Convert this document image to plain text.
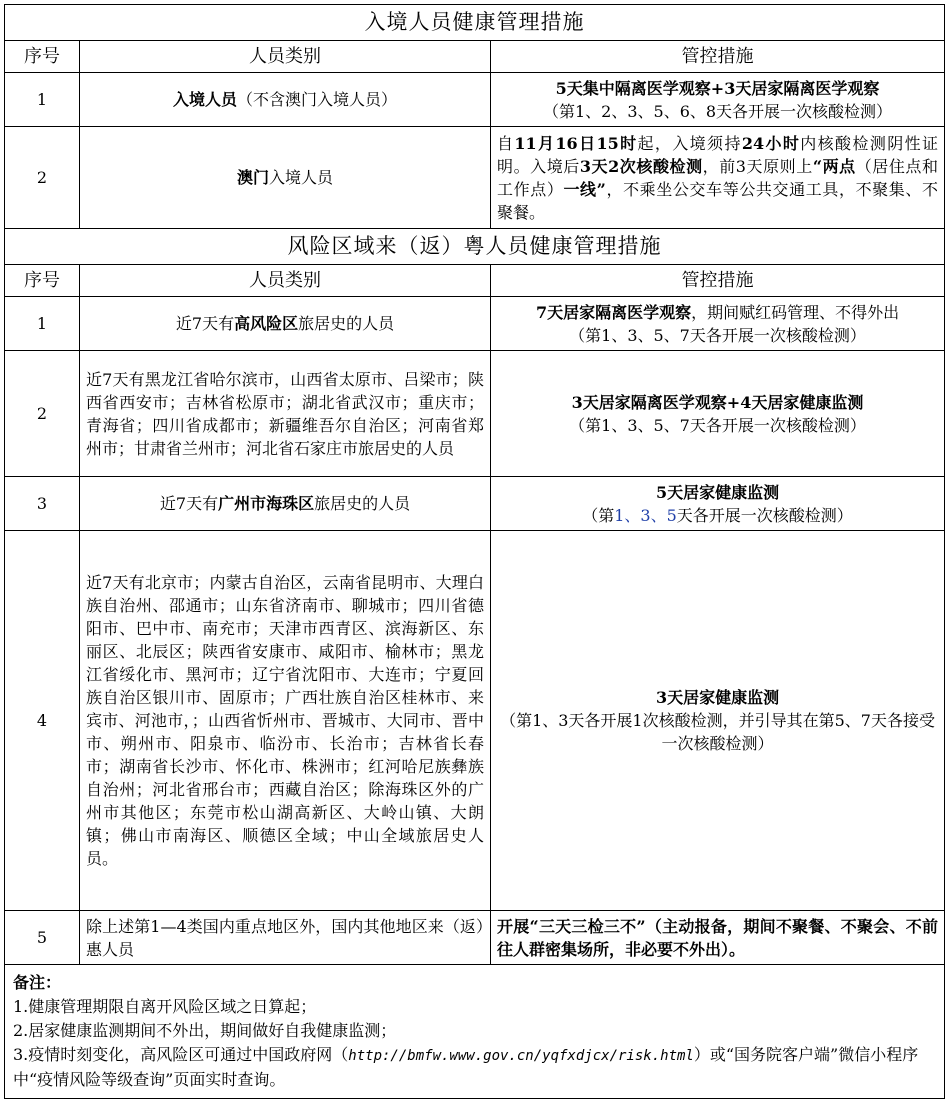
入境人员健康管理措施		
序号	人员类别	管控措施
1	入境人员（不含澳门入境人员）	5天集中隔离医学观察+3天居家隔离医学观察
（第1、2、3、5、6、8天各开展一次核酸检测）

2	澳门入境人员	自11月16日15时起，入境须持24小时内核酸检测阴性证明。入境后3天2次核酸检测，前3天原则上“两点（居住点和工作点）一线”，不乘坐公交车等公共交通工具，不聚集、不聚餐。
风险区域来（返）粤人员健康管理措施		
序号	人员类别	管控措施
1	近7天有高风险区旅居史的人员	7天居家隔离医学观察，期间赋红码管理、不得外出
（第1、3、5、7天各开展一次核酸检测）

2	近7天有黑龙江省哈尔滨市，山西省太原市、吕梁市；陕西省西安市；吉林省松原市；湖北省武汉市；重庆市；青海省；四川省成都市；新疆维吾尔自治区；河南省郑州市；甘肃省兰州市；河北省石家庄市旅居史的人员	3天居家隔离医学观察+4天居家健康监测
（第1、3、5、7天各开展一次核酸检测）

3	近7天有广州市海珠区旅居史的人员	5天居家健康监测
（第1、3、5天各开展一次核酸检测）

4	近7天有北京市；内蒙古自治区，云南省昆明市、大理白族自治州、邵通市；山东省济南市、聊城市；四川省德阳市、巴中市、南充市；天津市西青区、滨海新区、东丽区、北辰区；陕西省安康市、咸阳市、榆林市；黑龙江省绥化市、黑河市；辽宁省沈阳市、大连市；宁夏回族自治区银川市、固原市；广西壮族自治区桂林市、来宾市、河池市，；山西省忻州市、晋城市、大同市、晋中市、朔州市、阳泉市、临汾市、长治市；吉林省长春市；湖南省长沙市、怀化市、株洲市；红河哈尼族彝族自治州；河北省邢台市；西藏自治区；除海珠区外的广州市其他区；东莞市松山湖高新区、大岭山镇、大朗镇；佛山市南海区、顺德区全域；中山全域旅居史人员。	3天居家健康监测
（第1、3天各开展1次核酸检测，并引导其在第5、7天各接受一次核酸检测）

5	除上述第1—4类国内重点地区外，国内其他地区来（返）惠人员	开展“三天三检三不”（主动报备，期间不聚餐、不聚会、不前往人群密集场所，非必要不外出）。

备注：
1.健康管理期限自离开风险区域之日算起；
2.居家健康监测期间不外出，期间做好自我健康监测；
3.疫情时刻变化，高风险区可通过中国政府网（http://bmfw.www.gov.cn/yqfxdjcx/risk.html）或“国务院客户端”微信小程序中“疫情风险等级查询”页面实时查询。		
